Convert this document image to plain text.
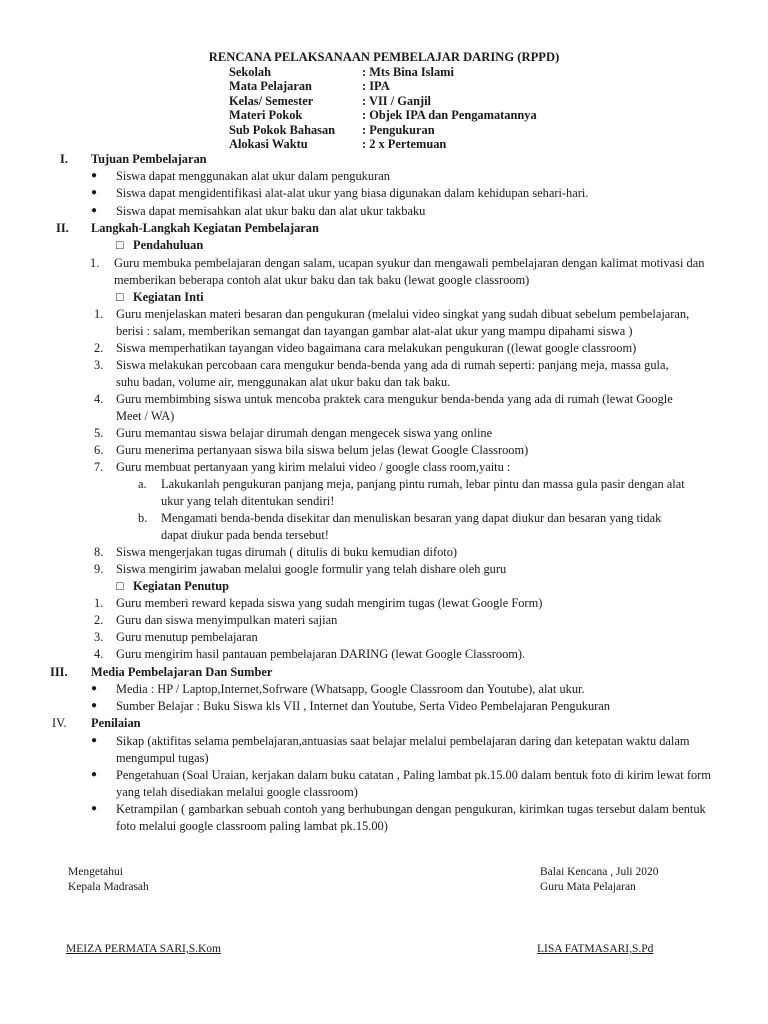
RENCANA PELAKSANAAN PEMBELAJAR DARING (RPPD)
Sekolah	: Mts Bina Islami
Mata Pelajaran	: IPA
Kelas/ Semester	: VII / Ganjil
Materi Pokok	: Objek IPA dan Pengamatannya
Sub Pokok Bahasan : Pengukuran
Alokasi Waktu	: 2 x Pertemuan
I. Tujuan Pembelajaran
● Siswa dapat menggunakan alat ukur dalam pengukuran
● Siswa dapat mengidentifikasi alat-alat ukur yang biasa digunakan dalam kehidupan sehari-hari.
● Siswa dapat memisahkan alat ukur baku dan alat ukur takbaku
II. Langkah-Langkah Kegiatan Pembelajaran
□ Pendahuluan
1. Guru membuka pembelajaran dengan salam, ucapan syukur dan mengawali pembelajaran dengan kalimat motivasi dan
memberikan beberapa contoh alat ukur baku dan tak baku (lewat google classroom)
□ Kegiatan Inti
1. Guru menjelaskan materi besaran dan pengukuran (melalui video singkat yang sudah dibuat sebelum pembelajaran,
berisi : salam, memberikan semangat dan tayangan gambar alat-alat ukur yang mampu dipahami siswa )
2. Siswa memperhatikan tayangan video bagaimana cara melakukan pengukuran ((lewat google classroom)
3. Siswa melakukan percobaan cara mengukur benda-benda yang ada di rumah seperti: panjang meja, massa gula,
suhu badan, volume air, menggunakan alat ukur baku dan tak baku.
4. Guru membimbing siswa untuk mencoba praktek cara mengukur benda-benda yang ada di rumah (lewat Google
Meet / WA)
5. Guru memantau siswa belajar dirumah dengan mengecek siswa yang online
6. Guru menerima pertanyaan siswa bila siswa belum jelas (lewat Google Classroom)
7. Guru membuat pertanyaan yang kirim melalui video / google class room,yaitu :
a. Lakukanlah pengukuran panjang meja, panjang pintu rumah, lebar pintu dan massa gula pasir dengan alat
ukur yang telah ditentukan sendiri!
b. Mengamati benda-benda disekitar dan menuliskan besaran yang dapat diukur dan besaran yang tidak
dapat diukur pada benda tersebut!
8. Siswa mengerjakan tugas dirumah ( ditulis di buku kemudian difoto)
9. Siswa mengirim jawaban melalui google formulir yang telah dishare oleh guru
□ Kegiatan Penutup
1. Guru memberi reward kepada siswa yang sudah mengirim tugas (lewat Google Form)
2. Guru dan siswa menyimpulkan materi sajian
3. Guru menutup pembelajaran
4. Guru mengirim hasil pantauan pembelajaran DARING (lewat Google Classroom).
III. Media Pembelajaran Dan Sumber
● Media : HP / Laptop,Internet,Sofrware (Whatsapp, Google Classroom dan Youtube), alat ukur.
● Sumber Belajar : Buku Siswa kls VII , Internet dan Youtube, Serta Video Pembelajaran Pengukuran
IV. Penilaian
● Sikap (aktifitas selama pembelajaran,antuasias saat belajar melalui pembelajaran daring dan ketepatan waktu dalam
mengumpul tugas)
● Pengetahuan (Soal Uraian, kerjakan dalam buku catatan , Paling lambat pk.15.00 dalam bentuk foto di kirim lewat form
yang telah disediakan melalui google classroom)
● Ketrampilan ( gambarkan sebuah contoh yang berhubungan dengan pengukuran, kirimkan tugas tersebut dalam bentuk
foto melalui google classroom paling lambat pk.15.00)
Mengetahui
Kepala Madrasah
MEIZA PERMATA SARI,S.Kom
Balai Kencana , Juli 2020
Guru Mata Pelajaran
LISA FATMASARI,S.Pd
